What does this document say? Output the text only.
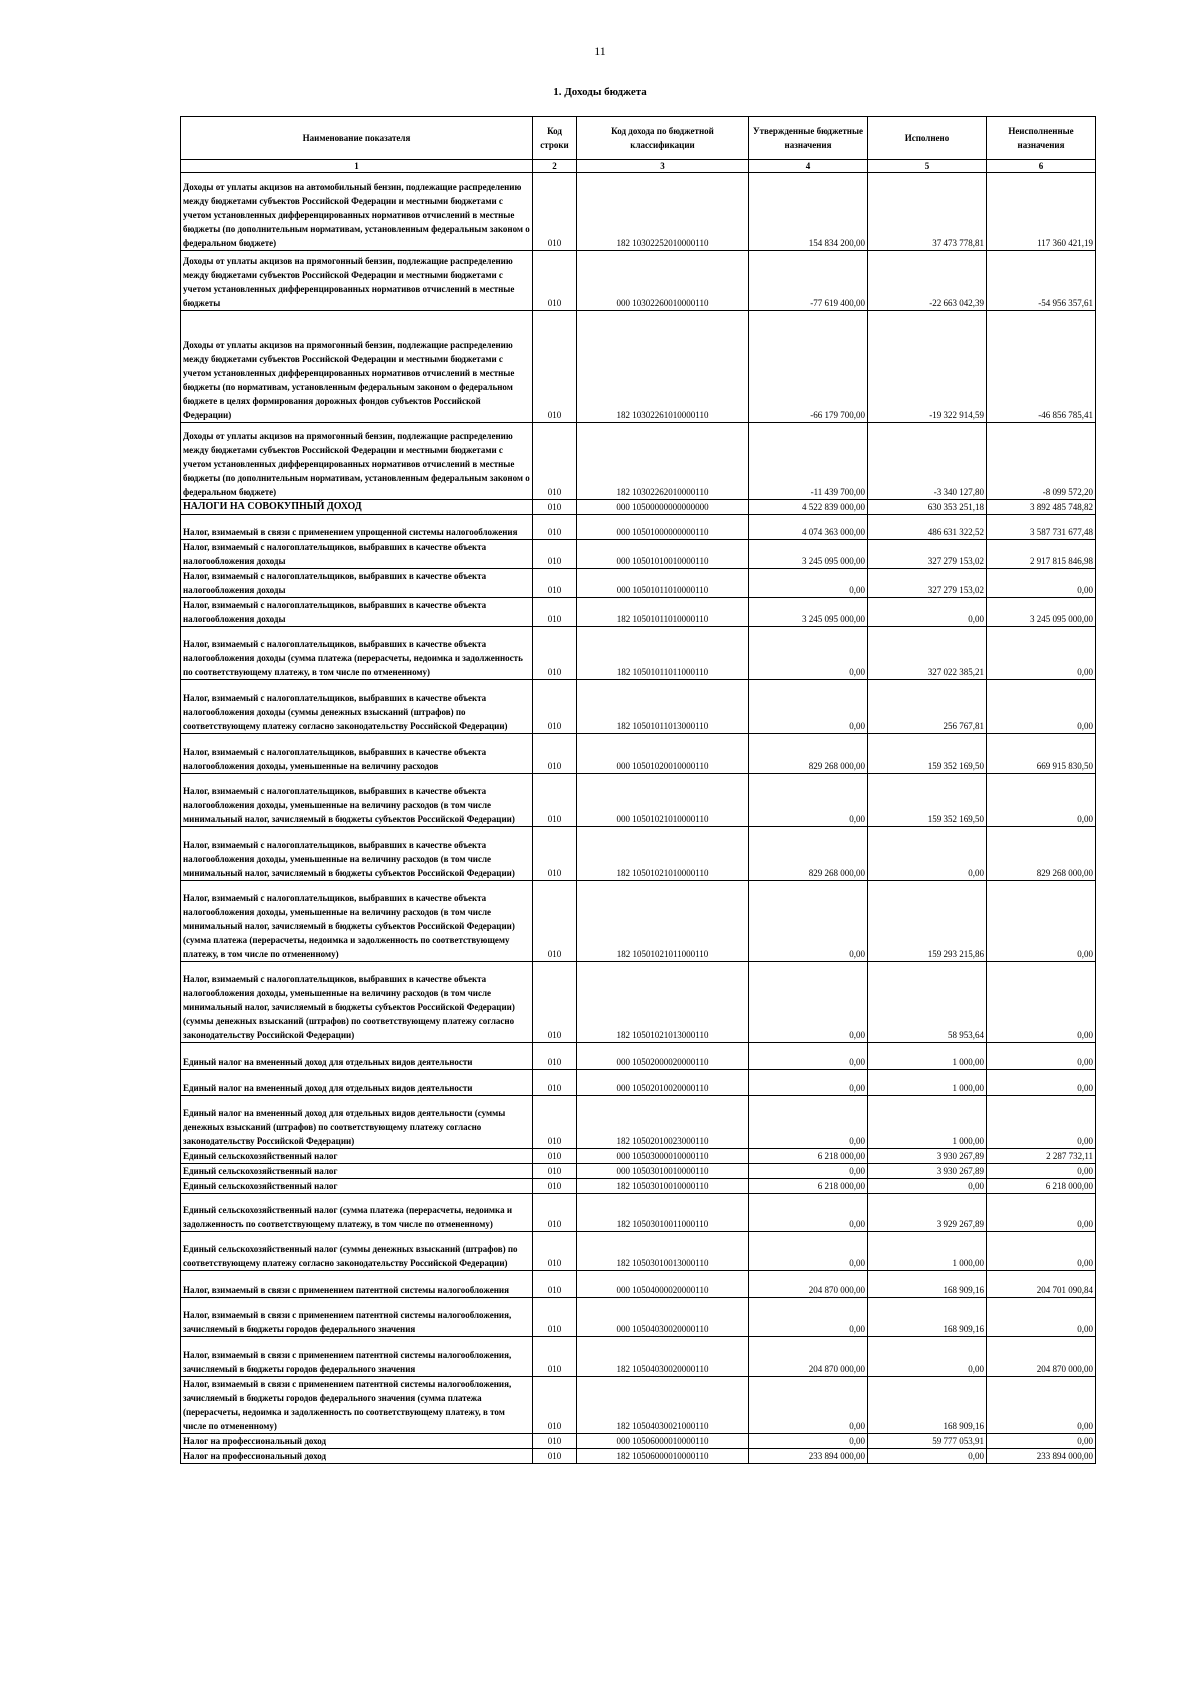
11
1. Доходы бюджета
Наименование показателя	Код строки	Код дохода по бюджетной классификации	Утвержденные бюджетные назначения	Исполнено	Неисполненные назначения
1	2	3	4	5	6
Доходы от уплаты акцизов на автомобильный бензин, подлежащие распределению между бюджетами субъектов Российской Федерации и местными бюджетами с учетом установленных дифференцированных нормативов отчислений в местные бюджеты (по дополнительным нормативам, установленным федеральным законом о федеральном бюджете)	010	182 10302252010000110	154 834 200,00	37 473 778,81	117 360 421,19
Доходы от уплаты акцизов на прямогонный бензин, подлежащие распределению между бюджетами субъектов Российской Федерации и местными бюджетами с учетом установленных дифференцированных нормативов отчислений в местные бюджеты	010	000 10302260010000110	-77 619 400,00	-22 663 042,39	-54 956 357,61
Доходы от уплаты акцизов на прямогонный бензин, подлежащие распределению между бюджетами субъектов Российской Федерации и местными бюджетами с учетом установленных дифференцированных нормативов отчислений в местные бюджеты (по нормативам, установленным федеральным законом о федеральном бюджете в целях формирования дорожных фондов субъектов Российской Федерации)	010	182 10302261010000110	-66 179 700,00	-19 322 914,59	-46 856 785,41
Доходы от уплаты акцизов на прямогонный бензин, подлежащие распределению между бюджетами субъектов Российской Федерации и местными бюджетами с учетом установленных дифференцированных нормативов отчислений в местные бюджеты (по дополнительным нормативам, установленным федеральным законом о федеральном бюджете)	010	182 10302262010000110	-11 439 700,00	-3 340 127,80	-8 099 572,20
НАЛОГИ НА СОВОКУПНЫЙ ДОХОД	010	000 10500000000000000	4 522 839 000,00	630 353 251,18	3 892 485 748,82
Налог, взимаемый в связи с применением упрощенной системы налогообложения	010	000 10501000000000110	4 074 363 000,00	486 631 322,52	3 587 731 677,48
Налог, взимаемый с налогоплательщиков, выбравших в качестве объекта налогообложения доходы	010	000 10501010010000110	3 245 095 000,00	327 279 153,02	2 917 815 846,98
Налог, взимаемый с налогоплательщиков, выбравших в качестве объекта налогообложения доходы	010	000 10501011010000110	0,00	327 279 153,02	0,00
Налог, взимаемый с налогоплательщиков, выбравших в качестве объекта налогообложения доходы	010	182 10501011010000110	3 245 095 000,00	0,00	3 245 095 000,00
Налог, взимаемый с налогоплательщиков, выбравших в качестве объекта налогообложения доходы (сумма платежа (перерасчеты, недоимка и задолженность по соответствующему платежу, в том числе по отмененному)	010	182 10501011011000110	0,00	327 022 385,21	0,00
Налог, взимаемый с налогоплательщиков, выбравших в качестве объекта налогообложения доходы (суммы денежных взысканий (штрафов) по соответствующему платежу согласно законодательству Российской Федерации)	010	182 10501011013000110	0,00	256 767,81	0,00
Налог, взимаемый с налогоплательщиков, выбравших в качестве объекта налогообложения доходы, уменьшенные на величину расходов	010	000 10501020010000110	829 268 000,00	159 352 169,50	669 915 830,50
Налог, взимаемый с налогоплательщиков, выбравших в качестве объекта налогообложения доходы, уменьшенные на величину расходов (в том числе минимальный налог, зачисляемый в бюджеты субъектов Российской Федерации)	010	000 10501021010000110	0,00	159 352 169,50	0,00
Налог, взимаемый с налогоплательщиков, выбравших в качестве объекта налогообложения доходы, уменьшенные на величину расходов (в том числе минимальный налог, зачисляемый в бюджеты субъектов Российской Федерации)	010	182 10501021010000110	829 268 000,00	0,00	829 268 000,00
Налог, взимаемый с налогоплательщиков, выбравших в качестве объекта налогообложения доходы, уменьшенные на величину расходов (в том числе минимальный налог, зачисляемый в бюджеты субъектов Российской Федерации) (сумма платежа (перерасчеты, недоимка и задолженность по соответствующему платежу, в том числе по отмененному)	010	182 10501021011000110	0,00	159 293 215,86	0,00
Налог, взимаемый с налогоплательщиков, выбравших в качестве объекта налогообложения доходы, уменьшенные на величину расходов (в том числе минимальный налог, зачисляемый в бюджеты субъектов Российской Федерации) (суммы денежных взысканий (штрафов) по соответствующему платежу согласно законодательству Российской Федерации)	010	182 10501021013000110	0,00	58 953,64	0,00
Единый налог на вмененный доход для отдельных видов деятельности	010	000 10502000020000110	0,00	1 000,00	0,00
Единый налог на вмененный доход для отдельных видов деятельности	010	000 10502010020000110	0,00	1 000,00	0,00
Единый налог на вмененный доход для отдельных видов деятельности (суммы денежных взысканий (штрафов) по соответствующему платежу согласно законодательству Российской Федерации)	010	182 10502010023000110	0,00	1 000,00	0,00
Единый сельскохозяйственный налог	010	000 10503000010000110	6 218 000,00	3 930 267,89	2 287 732,11
Единый сельскохозяйственный налог	010	000 10503010010000110	0,00	3 930 267,89	0,00
Единый сельскохозяйственный налог	010	182 10503010010000110	6 218 000,00	0,00	6 218 000,00
Единый сельскохозяйственный налог (сумма платежа (перерасчеты, недоимка и задолженность по соответствующему платежу, в том числе по отмененному)	010	182 10503010011000110	0,00	3 929 267,89	0,00
Единый сельскохозяйственный налог (суммы денежных взысканий (штрафов) по соответствующему платежу согласно законодательству Российской Федерации)	010	182 10503010013000110	0,00	1 000,00	0,00
Налог, взимаемый в связи с применением патентной системы налогообложения	010	000 10504000020000110	204 870 000,00	168 909,16	204 701 090,84
Налог, взимаемый в связи с применением патентной системы налогообложения, зачисляемый в бюджеты городов федерального значения	010	000 10504030020000110	0,00	168 909,16	0,00
Налог, взимаемый в связи с применением патентной системы налогообложения, зачисляемый в бюджеты городов федерального значения	010	182 10504030020000110	204 870 000,00	0,00	204 870 000,00
Налог, взимаемый в связи с применением патентной системы налогообложения, зачисляемый в бюджеты городов федерального значения (сумма платежа (перерасчеты, недоимка и задолженность по соответствующему платежу, в том числе по отмененному)	010	182 10504030021000110	0,00	168 909,16	0,00
Налог на профессиональный доход	010	000 10506000010000110	0,00	59 777 053,91	0,00
Налог на профессиональный доход	010	182 10506000010000110	233 894 000,00	0,00	233 894 000,00
